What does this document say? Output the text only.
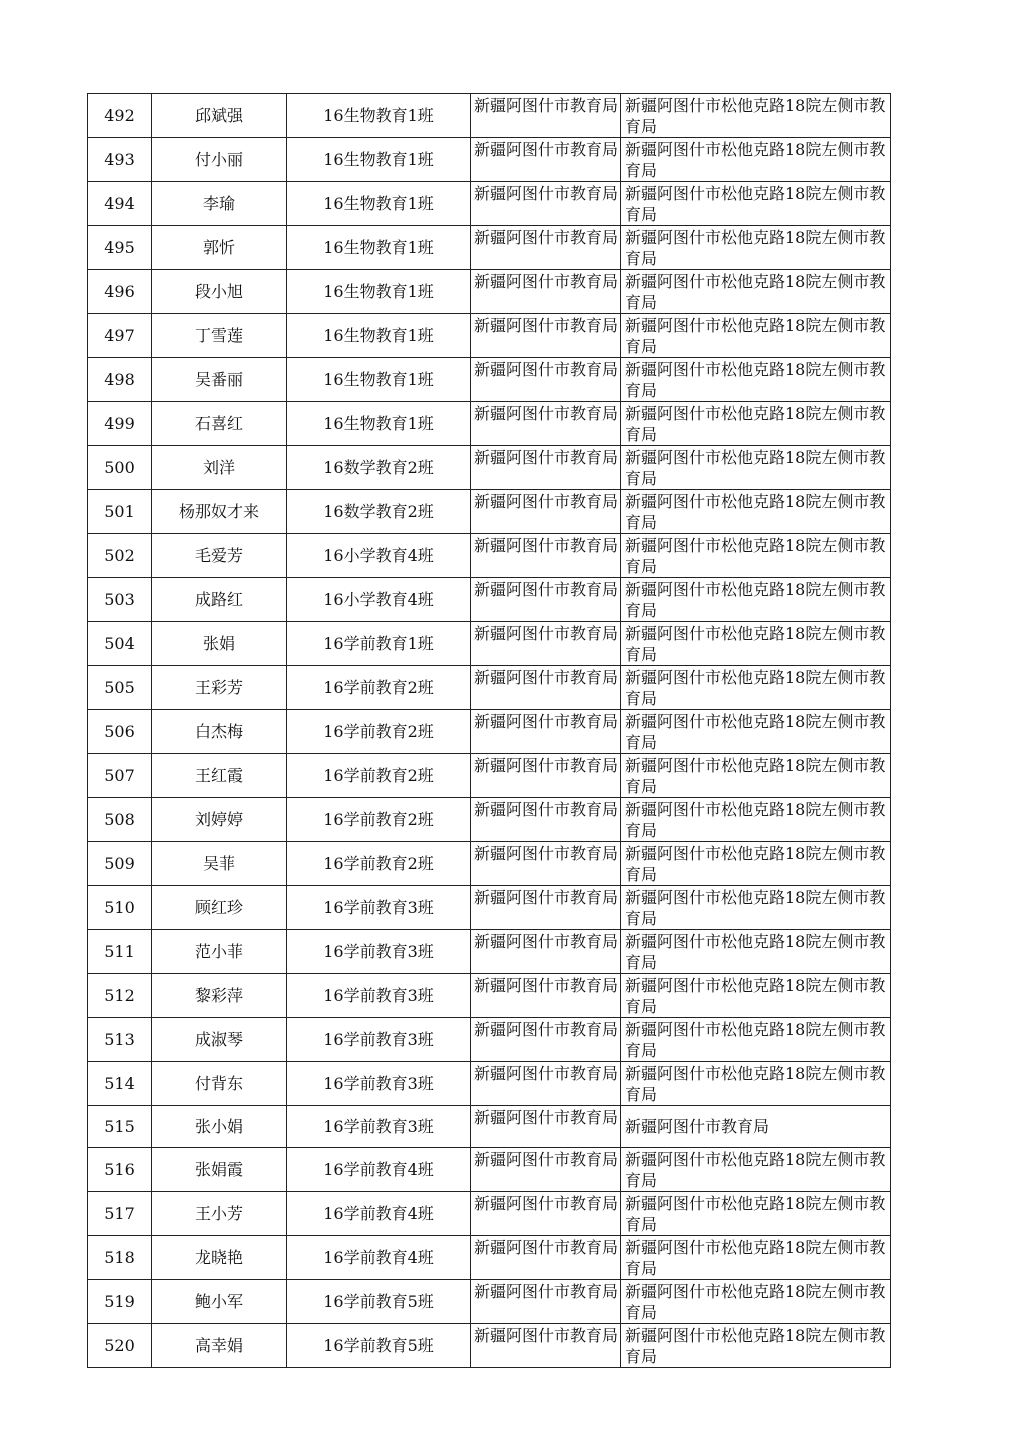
492	邱斌强	16生物教育1班	新疆阿图什市教育局	新疆阿图什市松他克路18院左侧市教育局

493	付小丽	16生物教育1班	新疆阿图什市教育局	新疆阿图什市松他克路18院左侧市教育局

494	李瑜	16生物教育1班	新疆阿图什市教育局	新疆阿图什市松他克路18院左侧市教育局

495	郭忻	16生物教育1班	新疆阿图什市教育局	新疆阿图什市松他克路18院左侧市教育局

496	段小旭	16生物教育1班	新疆阿图什市教育局	新疆阿图什市松他克路18院左侧市教育局

497	丁雪莲	16生物教育1班	新疆阿图什市教育局	新疆阿图什市松他克路18院左侧市教育局

498	吴番丽	16生物教育1班	新疆阿图什市教育局	新疆阿图什市松他克路18院左侧市教育局

499	石喜红	16生物教育1班	新疆阿图什市教育局	新疆阿图什市松他克路18院左侧市教育局

500	刘洋	16数学教育2班	新疆阿图什市教育局	新疆阿图什市松他克路18院左侧市教育局

501	杨那奴才来	16数学教育2班	新疆阿图什市教育局	新疆阿图什市松他克路18院左侧市教育局

502	毛爱芳	16小学教育4班	新疆阿图什市教育局	新疆阿图什市松他克路18院左侧市教育局

503	成路红	16小学教育4班	新疆阿图什市教育局	新疆阿图什市松他克路18院左侧市教育局

504	张娟	16学前教育1班	新疆阿图什市教育局	新疆阿图什市松他克路18院左侧市教育局

505	王彩芳	16学前教育2班	新疆阿图什市教育局	新疆阿图什市松他克路18院左侧市教育局

506	白杰梅	16学前教育2班	新疆阿图什市教育局	新疆阿图什市松他克路18院左侧市教育局

507	王红霞	16学前教育2班	新疆阿图什市教育局	新疆阿图什市松他克路18院左侧市教育局

508	刘婷婷	16学前教育2班	新疆阿图什市教育局	新疆阿图什市松他克路18院左侧市教育局

509	吴菲	16学前教育2班	新疆阿图什市教育局	新疆阿图什市松他克路18院左侧市教育局

510	顾红珍	16学前教育3班	新疆阿图什市教育局	新疆阿图什市松他克路18院左侧市教育局

511	范小菲	16学前教育3班	新疆阿图什市教育局	新疆阿图什市松他克路18院左侧市教育局

512	黎彩萍	16学前教育3班	新疆阿图什市教育局	新疆阿图什市松他克路18院左侧市教育局

513	成淑琴	16学前教育3班	新疆阿图什市教育局	新疆阿图什市松他克路18院左侧市教育局

514	付背东	16学前教育3班	新疆阿图什市教育局	新疆阿图什市松他克路18院左侧市教育局

515	张小娟	16学前教育3班	新疆阿图什市教育局	新疆阿图什市教育局

516	张娟霞	16学前教育4班	新疆阿图什市教育局	新疆阿图什市松他克路18院左侧市教育局

517	王小芳	16学前教育4班	新疆阿图什市教育局	新疆阿图什市松他克路18院左侧市教育局

518	龙晓艳	16学前教育4班	新疆阿图什市教育局	新疆阿图什市松他克路18院左侧市教育局

519	鲍小军	16学前教育5班	新疆阿图什市教育局	新疆阿图什市松他克路18院左侧市教育局

520	高幸娟	16学前教育5班	新疆阿图什市教育局	新疆阿图什市松他克路18院左侧市教育局
